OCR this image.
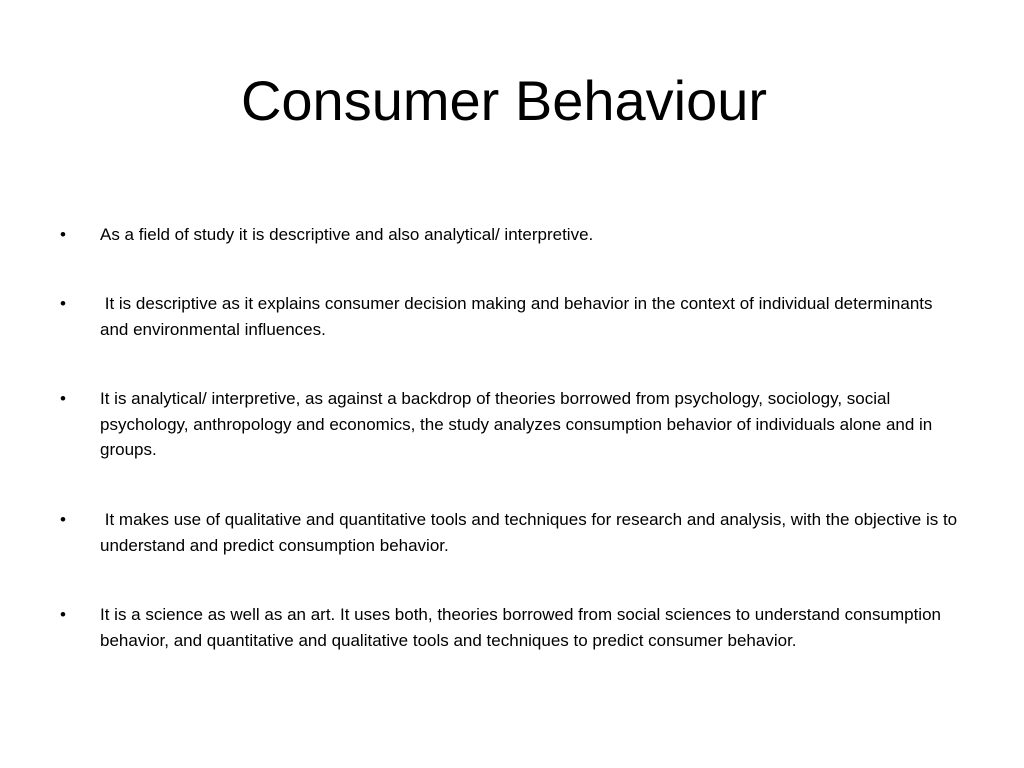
Consumer Behaviour
• As a field of study it is descriptive and also analytical/ interpretive.
• It is descriptive as it explains consumer decision making and behavior in the context of individual determinants and environmental influences.
• It is analytical/ interpretive, as against a backdrop of theories borrowed from psychology, sociology, social psychology, anthropology and economics, the study analyzes consumption behavior of individuals alone and in groups.
• It makes use of qualitative and quantitative tools and techniques for research and analysis, with the objective is to understand and predict consumption behavior.
• It is a science as well as an art. It uses both, theories borrowed from social sciences to understand consumption behavior, and quantitative and qualitative tools and techniques to predict consumer behavior.
